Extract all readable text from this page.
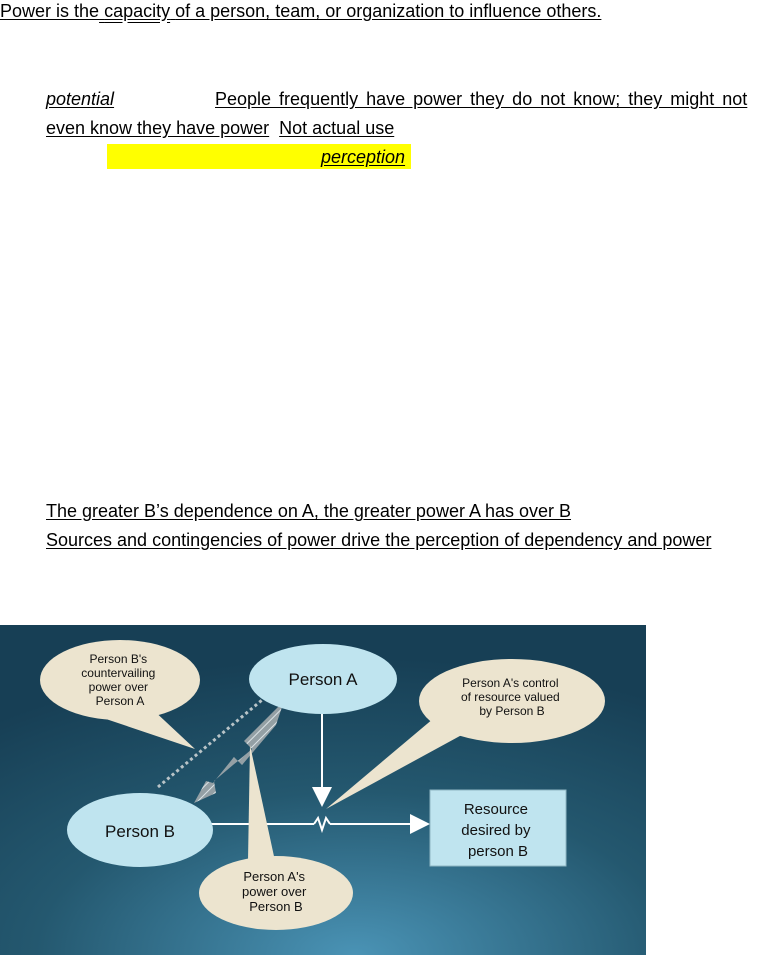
Power is the capacity of a person, team, or organization to influence others.
potential	People frequently have power they do not know; they might not
even know they have power Not actual use
perception
The greater B’s dependence on A, the greater power A has over B
Sources and contingencies of power drive the perception of dependency and power
Person B's countervailing power over Person A
Person A's control of resource valued by Person B
Person A's power over Person B
Person A
Person B
Resource desired by person B
